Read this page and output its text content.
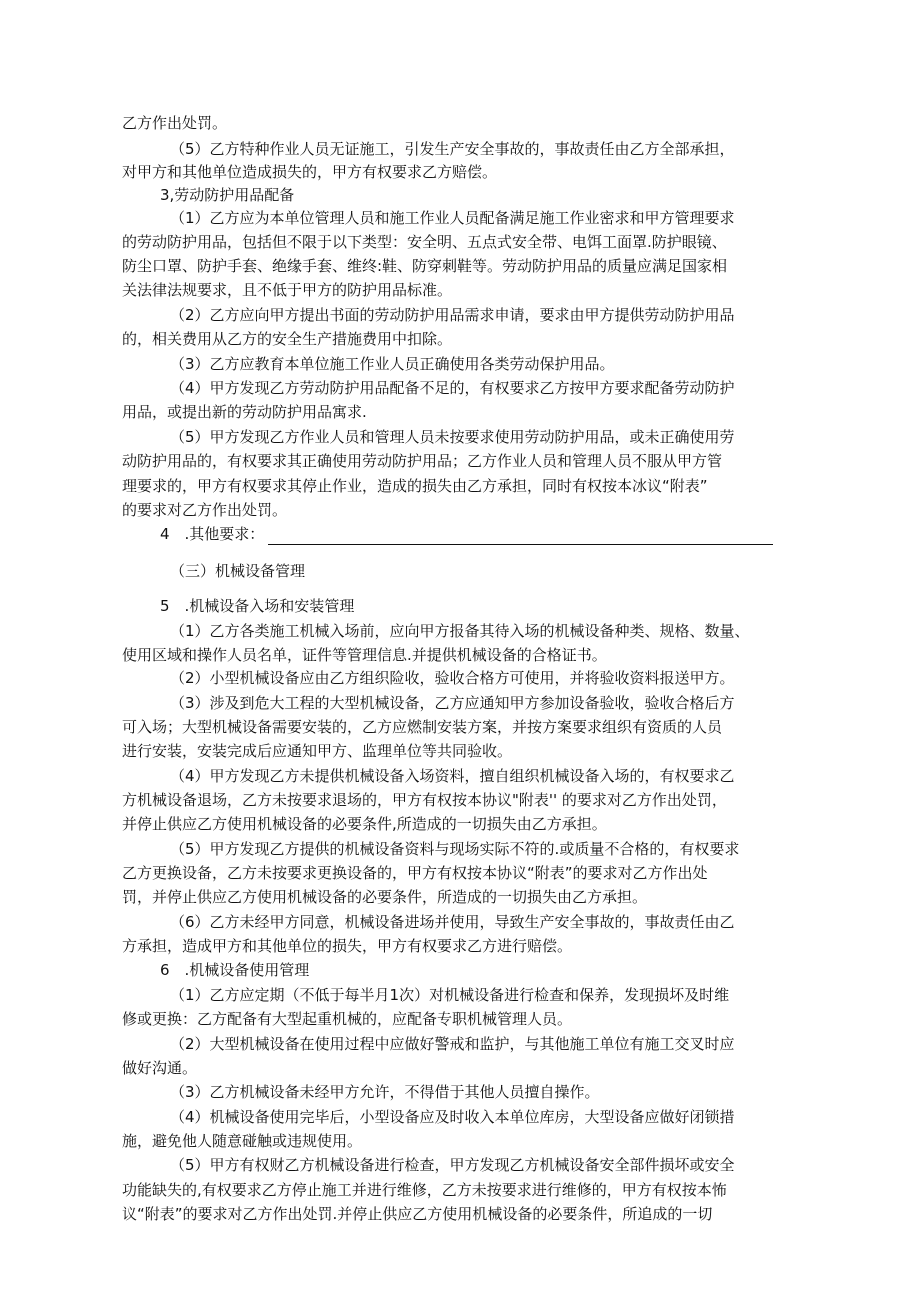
乙方作出处罚。
（5）乙方特种作业人员无证施工，引发生产安全事故的，事故责任由乙方全部承担，
对甲方和其他单位造成损失的，甲方有权要求乙方赔偿。
3,劳动防护用品配备
（1）乙方应为本单位管理人员和施工作业人员配备满足施工作业密求和甲方管理要求
的劳动防护用品，包括但不限于以下类型：安全明、五点式安全带、电饵工面罩.防护眼镜、
防尘口罩、防护手套、绝缘手套、维终:鞋、防穿刺鞋等。劳动防护用品的质量应满足国家相
关法律法规要求，且不低于甲方的防护用品标准。
（2）乙方应向甲方提出书面的劳动防护用品需求申请，要求由甲方提供劳动防护用品
的，相关费用从乙方的安全生产措施费用中扣除。
（3）乙方应教育本单位施工作业人员正确使用各类劳动保护用品。
（4）甲方发现乙方劳动防护用品配备不足的，有权要求乙方按甲方要求配备劳动防护
用品，或提出新的劳动防护用品寓求.
（5）甲方发现乙方作业人员和管理人员未按要求使用劳动防护用品，或未正确使用劳
动防护用品的，有权要求其正确使用劳动防护用品；乙方作业人员和管理人员不服从甲方管
理要求的，甲方有权要求其停止作业，造成的损失由乙方承担，同时有权按本冰议“附表”
的要求对乙方作出处罚。
4　.其他要求：
（三）机械设备管理
5　.机械设备入场和安装管理
（1）乙方各类施工机械入场前，应向甲方报备其待入场的机械设备种类、规格、数量、
使用区域和操作人员名单，证件等管理信息.并提供机械设备的合格证书。
（2）小型机械设备应由乙方组织险收，验收合格方可使用，并将验收资料报送甲方。
（3）涉及到危大工程的大型机械设备，乙方应通知甲方参加设备验收，验收合格后方
可入场；大型机械设备需要安装的，乙方应燃制安装方案，并按方案要求组织有资质的人员
进行安装，安装完成后应通知甲方、监理单位等共同验收。
（4）甲方发现乙方未提供机械设备入场资料，擅自组织机械设备入场的，有权要求乙
方机械设备退场，乙方未按要求退场的，甲方有权按本协议"附表'' 的要求对乙方作出处罚，
并停止供应乙方使用机械设备的必要条件,所造成的一切损失由乙方承担。
（5）甲方发现乙方提供的机械设备资料与现场实际不符的.或质量不合格的，有权要求
乙方更换设备，乙方未按要求更换设备的，甲方有权按本协议“附表”的要求对乙方作出处
罚，并停止供应乙方使用机械设备的必要条件，所造成的一切损失由乙方承担。
（6）乙方未经甲方同意，机械设备进场并使用，导致生产安全事故的，事故责任由乙
方承担，造成甲方和其他单位的损失，甲方有权要求乙方进行赔偿。
6　.机械设备使用管理
（1）乙方应定期（不低于每半月1次）对机械设备进行检查和保养，发现损坏及时维
修或更换：乙方配备有大型起重机械的，应配备专职机械管理人员。
（2）大型机械设备在使用过程中应做好警戒和监护，与其他施工单位有施工交叉时应
做好沟通。
（3）乙方机械设备未经甲方允许，不得借于其他人员擅自操作。
（4）机械设备使用完毕后，小型设备应及时收入本单位库房，大型设备应做好闭锁措
施，避免他人随意碰触或违规使用。
（5）甲方有权财乙方机械设备进行检查，甲方发现乙方机械设备安全部件损坏或安全
功能缺失的,有权要求乙方停止施工并进行维修，乙方未按要求进行维修的，甲方有权按本怖
议“附表”的要求对乙方作出处罚.并停止供应乙方使用机械设备的必要条件，所追成的一切
